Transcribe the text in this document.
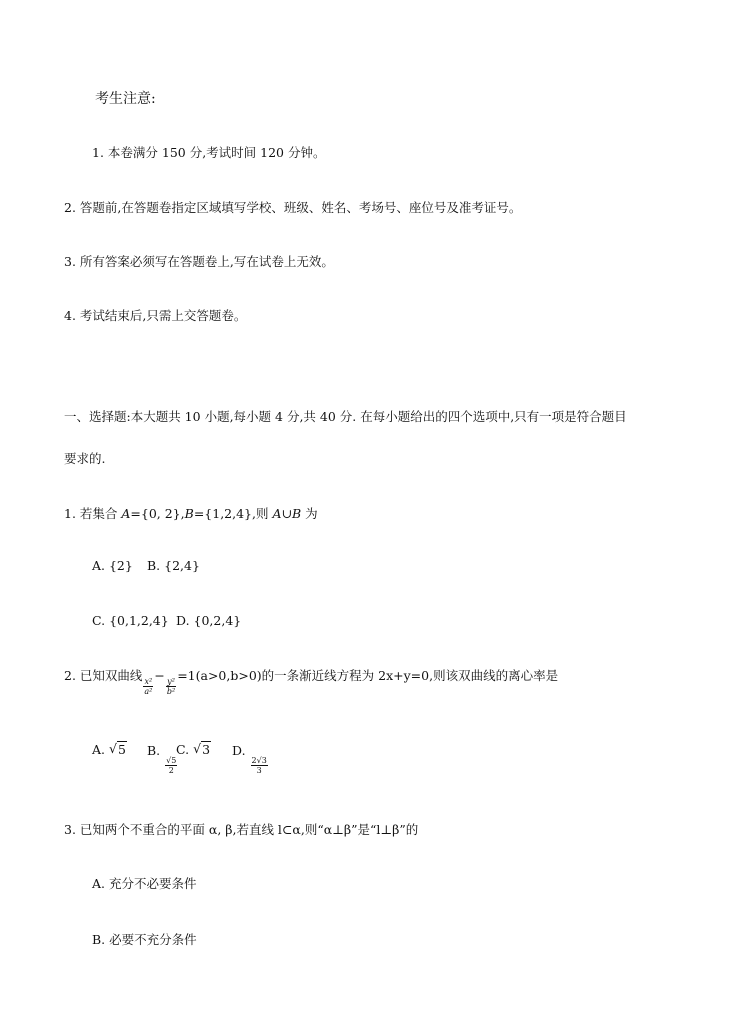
考生注意:
1. 本卷满分 150 分,考试时间 120 分钟。
2. 答题前,在答题卷指定区域填写学校、班级、姓名、考场号、座位号及准考证号。
3. 所有答案必须写在答题卷上,写在试卷上无效。
4. 考试结束后,只需上交答题卷。
一、选择题:本大题共 10 小题,每小题 4 分,共 40 分. 在每小题给出的四个选项中,只有一项是符合题目
要求的.
1. 若集合 A={0, 2},B={1,2,4},则 A∪B 为
A. {2} B. {2,4}
C. {0,1,2,4} D. {0,2,4}
2. 已知双曲线
$\frac{\text{x²}}{\text{a²}}$
−
$\frac{\text{y²}}{\text{b²}}$
=1(a>0,b>0)的一条渐近线方程为 2x+y=0,则该双曲线的离心率是
A. √ 5 B.
$\frac{√5}{2}$
C. √ 3 D.
$\frac{2√3}{3}$
3. 已知两个不重合的平面 α, β,若直线 l⊂α,则“α⊥β”是“l⊥β”的
A. 充分不必要条件
B. 必要不充分条件
